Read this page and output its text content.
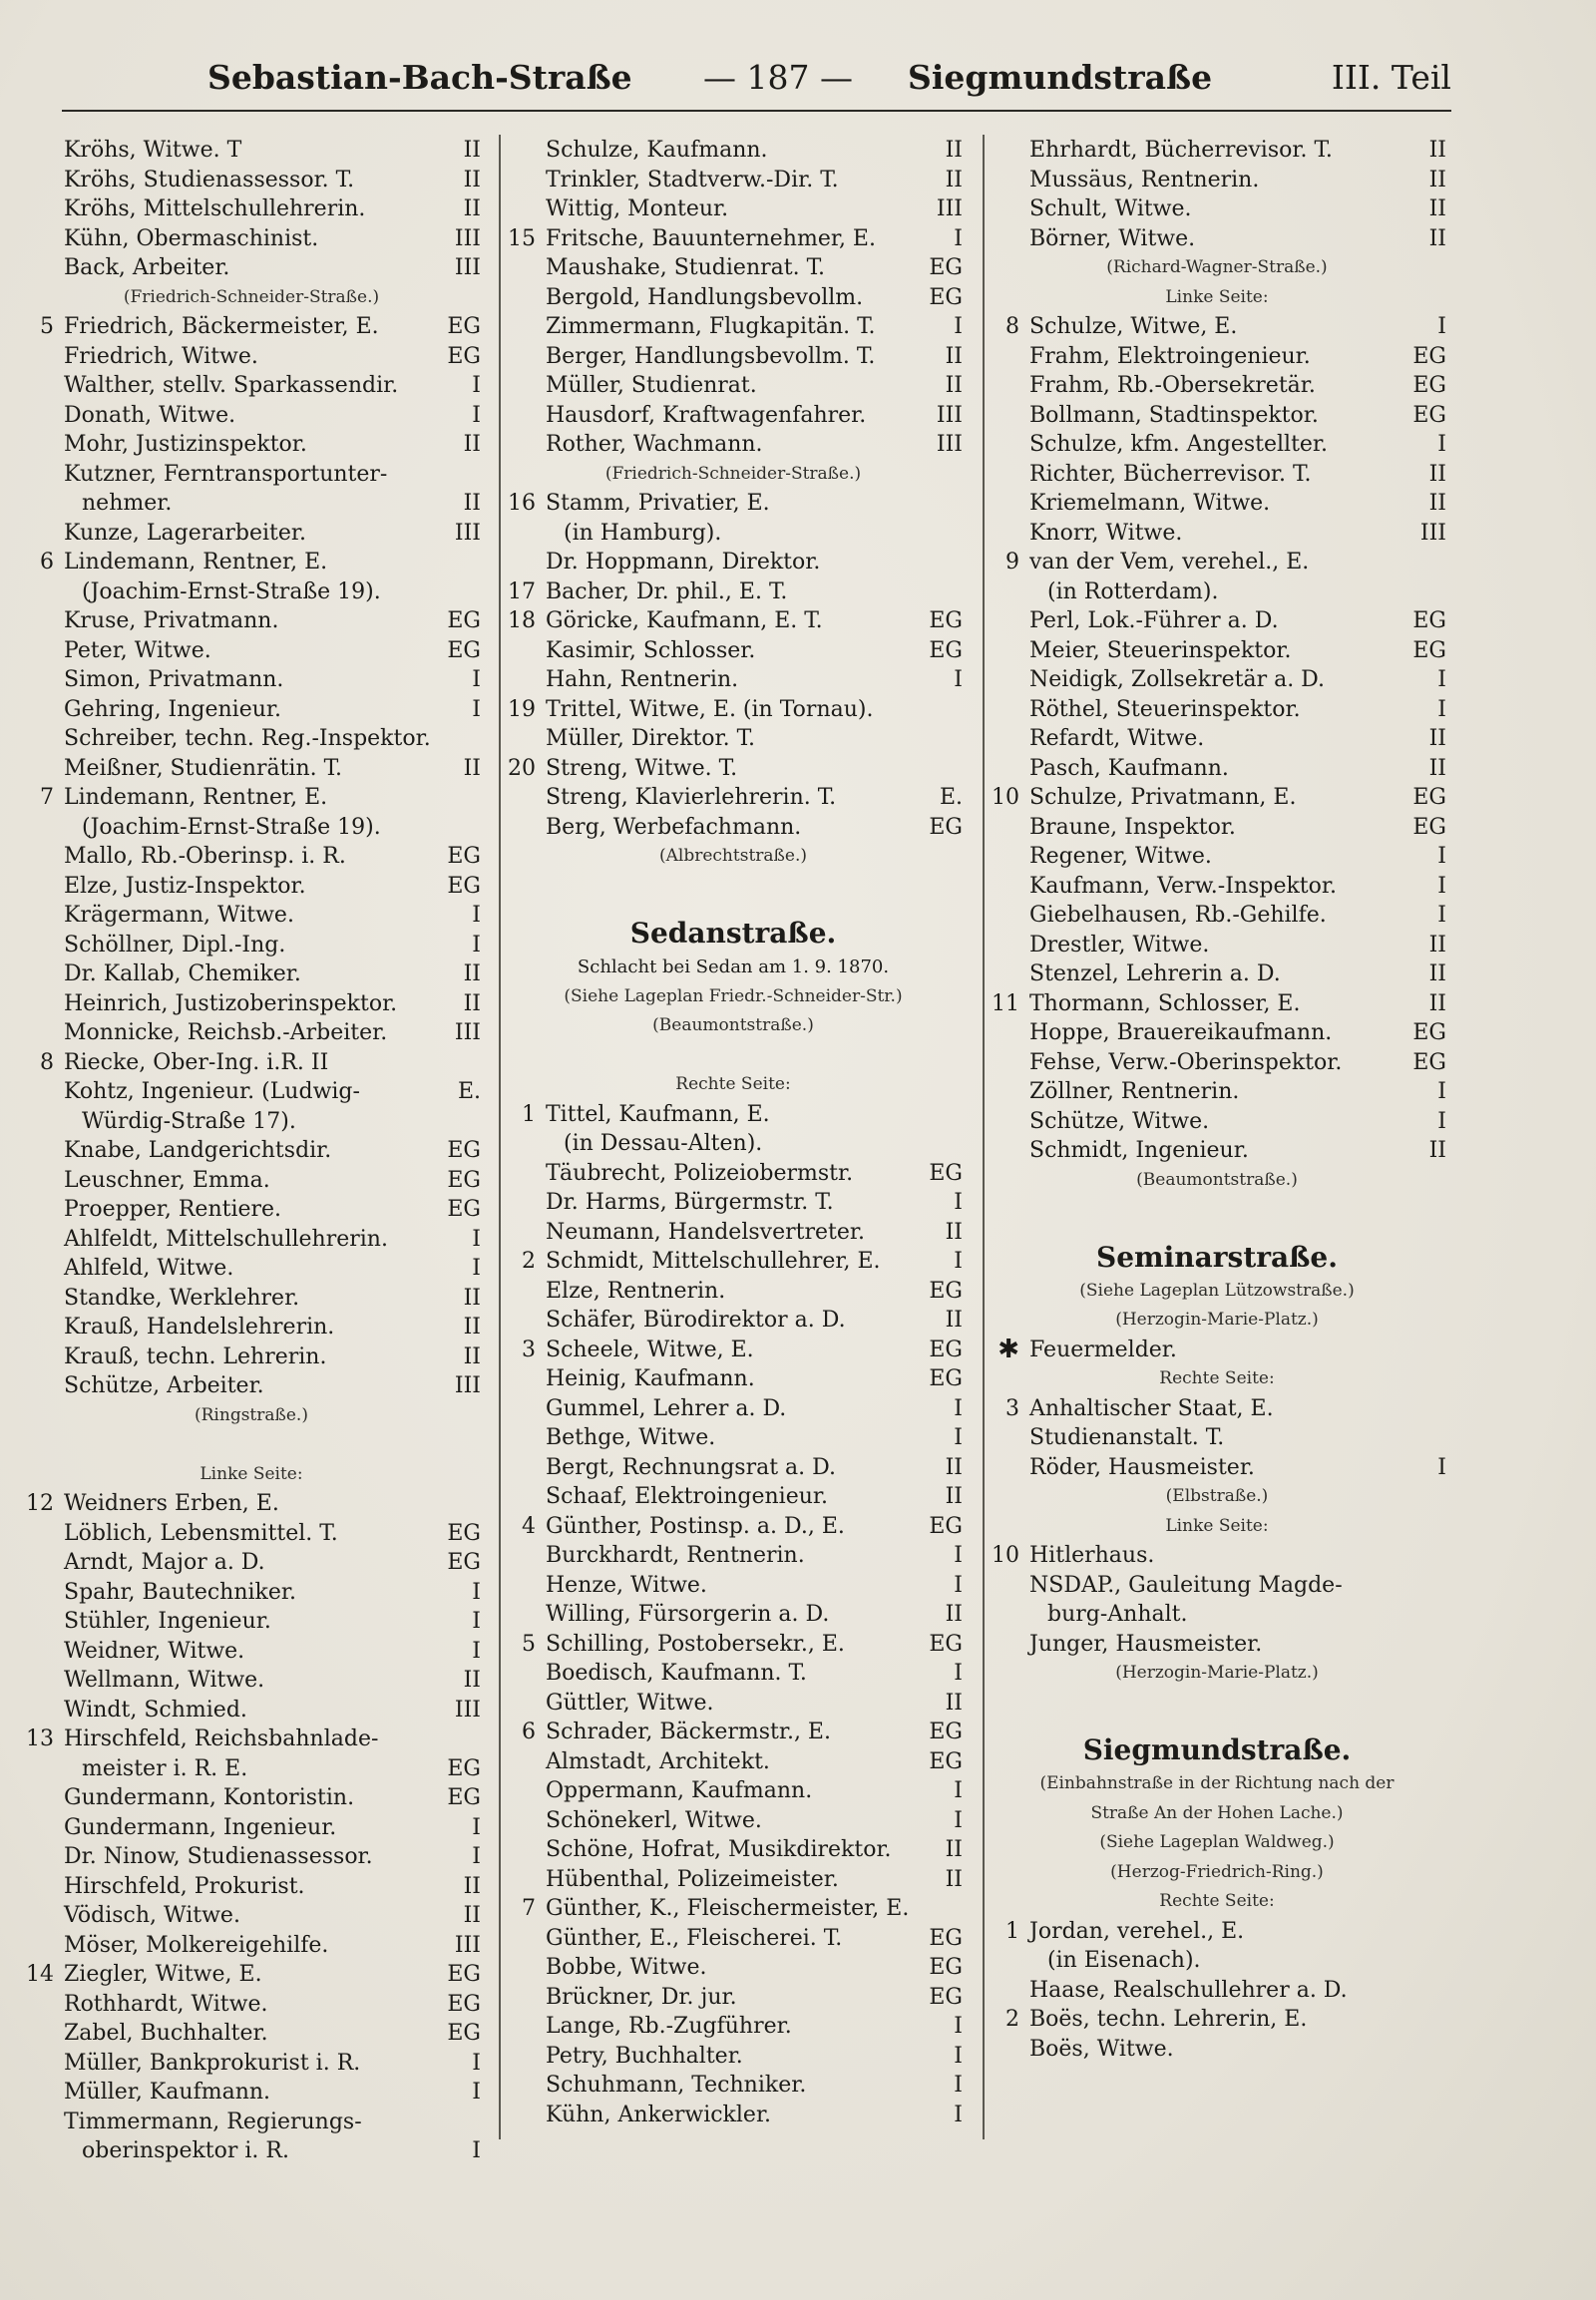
Sebastian-Bach-Straße — 187 — Siegmundstraße	III. Teil
Kröhs, Witwe. T	II
Kröhs, Studienassessor. T.	II
Kröhs, Mittelschullehrerin.	II
Kühn, Obermaschinist.	III
Back, Arbeiter.	III
(Friedrich-Schneider-Straße.)
5 Friedrich, Bäckermeister, E.	EG
Friedrich, Witwe.	EG
Walther, stellv. Sparkassendir.	I
Donath, Witwe.	I
Mohr, Justizinspektor.	II
Kutzner, Ferntransportunter-
nehmer.	II
Kunze, Lagerarbeiter.	III
6 Lindemann, Rentner, E.
(Joachim-Ernst-Straße 19).
Kruse, Privatmann.	EG
Peter, Witwe.	EG
Simon, Privatmann.	I
Gehring, Ingenieur.	I
Schreiber, techn. Reg.-Inspektor.
Meißner, Studienrätin. T.	II
7 Lindemann, Rentner, E.
(Joachim-Ernst-Straße 19).
Mallo, Rb.-Oberinsp. i. R.	EG
Elze, Justiz-Inspektor.	EG
Krägermann, Witwe.	I
Schöllner, Dipl.-Ing.	I
Dr. Kallab, Chemiker.	II
Heinrich, Justizoberinspektor.	II
Monnicke, Reichsb.-Arbeiter.	III
8 Riecke, Ober-Ing. i.R. II
Kohtz, Ingenieur. (Ludwig-	E.
Würdig-Straße 17).
Knabe, Landgerichtsdir.	EG
Leuschner, Emma.	EG
Proepper, Rentiere.	EG
Ahlfeldt, Mittelschullehrerin.	I
Ahlfeld, Witwe.	I
Standke, Werklehrer.	II
Krauß, Handelslehrerin.	II
Krauß, techn. Lehrerin.	II
Schütze, Arbeiter.	III
(Ringstraße.)
Linke Seite:
12 Weidners Erben, E.
Löblich, Lebensmittel. T.	EG
Arndt, Major a. D.	EG
Spahr, Bautechniker.	I
Stühler, Ingenieur.	I
Weidner, Witwe.	I
Wellmann, Witwe.	II
Windt, Schmied.	III
13 Hirschfeld, Reichsbahnlade-
meister i. R. E.	EG
Gundermann, Kontoristin.	EG
Gundermann, Ingenieur.	I
Dr. Ninow, Studienassessor.	I
Hirschfeld, Prokurist.	II
Vödisch, Witwe.	II
Möser, Molkereigehilfe.	III
14 Ziegler, Witwe, E.	EG
Rothhardt, Witwe.	EG
Zabel, Buchhalter.	EG
Müller, Bankprokurist i. R.	I
Müller, Kaufmann.	I
Timmermann, Regierungs-
oberinspektor i. R.	I
Schulze, Kaufmann.	II
Trinkler, Stadtverw.-Dir. T.	II
Wittig, Monteur.	III
15 Fritsche, Bauunternehmer, E.	I
Maushake, Studienrat. T.	EG
Bergold, Handlungsbevollm.	EG
Zimmermann, Flugkapitän. T.	I
Berger, Handlungsbevollm. T.	II
Müller, Studienrat.	II
Hausdorf, Kraftwagenfahrer.	III
Rother, Wachmann.	III
(Friedrich-Schneider-Straße.)
16 Stamm, Privatier, E.
(in Hamburg).
Dr. Hoppmann, Direktor.
17 Bacher, Dr. phil., E. T.
18 Göricke, Kaufmann, E. T.	EG
Kasimir, Schlosser.	EG
Hahn, Rentnerin.	I
19 Trittel, Witwe, E. (in Tornau).
Müller, Direktor. T.
20 Streng, Witwe. T.
Streng, Klavierlehrerin. T.	E.
Berg, Werbefachmann.	EG
(Albrechtstraße.)
Sedanstraße.
Schlacht bei Sedan am 1. 9. 1870.
(Siehe Lageplan Friedr.-Schneider-Str.)
(Beaumontstraße.)
Rechte Seite:
1 Tittel, Kaufmann, E.
(in Dessau-Alten).
Täubrecht, Polizeiobermstr.	EG
Dr. Harms, Bürgermstr. T.	I
Neumann, Handelsvertreter.	II
2 Schmidt, Mittelschullehrer, E.	I
Elze, Rentnerin.	EG
Schäfer, Bürodirektor a. D.	II
3 Scheele, Witwe, E.	EG
Heinig, Kaufmann.	EG
Gummel, Lehrer a. D.	I
Bethge, Witwe.	I
Bergt, Rechnungsrat a. D.	II
Schaaf, Elektroingenieur.	II
4 Günther, Postinsp. a. D., E.	EG
Burckhardt, Rentnerin.	I
Henze, Witwe.	I
Willing, Fürsorgerin a. D.	II
5 Schilling, Postobersekr., E.	EG
Boedisch, Kaufmann. T.	I
Güttler, Witwe.	II
6 Schrader, Bäckermstr., E.	EG
Almstadt, Architekt.	EG
Oppermann, Kaufmann.	I
Schönekerl, Witwe.	I
Schöne, Hofrat, Musikdirektor. II
Hübenthal, Polizeimeister.	II
7 Günther, K., Fleischermeister, E.
Günther, E., Fleischerei. T.	EG
Bobbe, Witwe.	EG
Brückner, Dr. jur.	EG
Lange, Rb.-Zugführer.	I
Petry, Buchhalter.	I
Schuhmann, Techniker.	I
Kühn, Ankerwickler.	I
Ehrhardt, Bücherrevisor. T.	II
Mussäus, Rentnerin.	II
Schult, Witwe.	II
Börner, Witwe.	II
(Richard-Wagner-Straße.)
Linke Seite:
8 Schulze, Witwe, E.	I
Frahm, Elektroingenieur.	EG
Frahm, Rb.-Obersekretär.	EG
Bollmann, Stadtinspektor.	EG
Schulze, kfm. Angestellter.	I
Richter, Bücherrevisor. T.	II
Kriemelmann, Witwe.	II
Knorr, Witwe.	III
9 van der Vem, verehel., E.
(in Rotterdam).
Perl, Lok.-Führer a. D.	EG
Meier, Steuerinspektor.	EG
Neidigk, Zollsekretär a. D.	I
Röthel, Steuerinspektor.	I
Refardt, Witwe.	II
Pasch, Kaufmann.	II
10 Schulze, Privatmann, E.	EG
Braune, Inspektor.	EG
Regener, Witwe.	I
Kaufmann, Verw.-Inspektor.	I
Giebelhausen, Rb.-Gehilfe.	I
Drestler, Witwe.	II
Stenzel, Lehrerin a. D.	II
11 Thormann, Schlosser, E.	II
Hoppe, Brauereikaufmann.	EG
Fehse, Verw.-Oberinspektor.	EG
Zöllner, Rentnerin.	I
Schütze, Witwe.	I
Schmidt, Ingenieur.	II
(Beaumontstraße.)
Seminarstraße.
(Siehe Lageplan Lützowstraße.)
(Herzogin-Marie-Platz.)
✱ Feuermelder.
Rechte Seite:
3 Anhaltischer Staat, E.
Studienanstalt. T.
Röder, Hausmeister.	I
(Elbstraße.)
Linke Seite:
10 Hitlerhaus.
NSDAP., Gauleitung Magde-
burg-Anhalt.
Junger, Hausmeister.
(Herzogin-Marie-Platz.)
Siegmundstraße.
(Einbahnstraße in der Richtung nach der
Straße An der Hohen Lache.)
(Siehe Lageplan Waldweg.)
(Herzog-Friedrich-Ring.)
Rechte Seite:
1 Jordan, verehel., E.
(in Eisenach).
Haase, Realschullehrer a. D.
2 Boës, techn. Lehrerin, E.
Boës, Witwe.
